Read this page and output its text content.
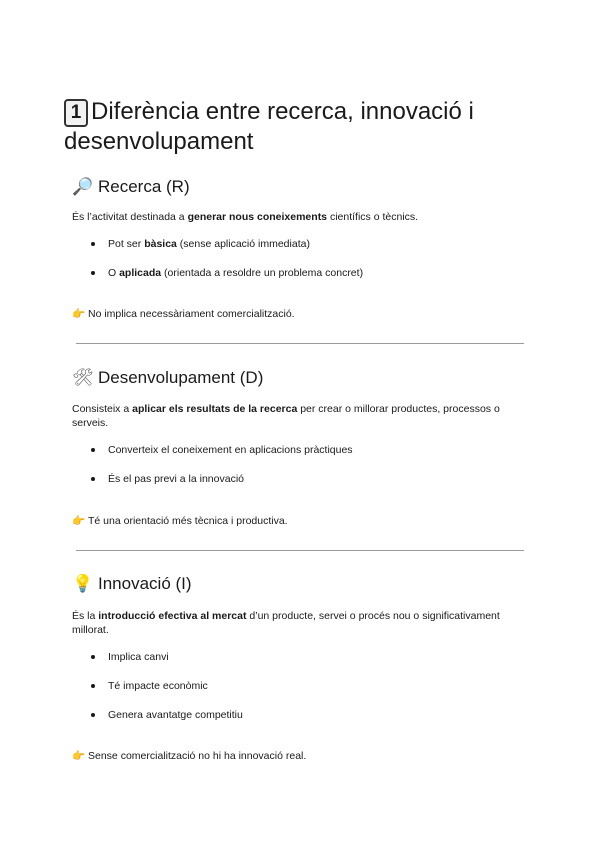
1 Diferència entre recerca, innovació i desenvolupament
🔎 Recerca (R)

És l’activitat destinada a generar nous coneixements científics o tècnics.

Pot ser bàsica (sense aplicació immediata)
O aplicada (orientada a resoldre un problema concret)

👉 No implica necessàriament comercialització.

🛠 Desenvolupament (D)

Consisteix a aplicar els resultats de la recerca per crear o millorar productes, processos o serveis.

Converteix el coneixement en aplicacions pràctiques
És el pas previ a la innovació

👉 Té una orientació més tècnica i productiva.

💡 Innovació (I)

És la introducció efectiva al mercat d’un producte, servei o procés nou o significativament millorat.

Implica canvi
Té impacte econòmic
Genera avantatge competitiu

👉 Sense comercialització no hi ha innovació real.
